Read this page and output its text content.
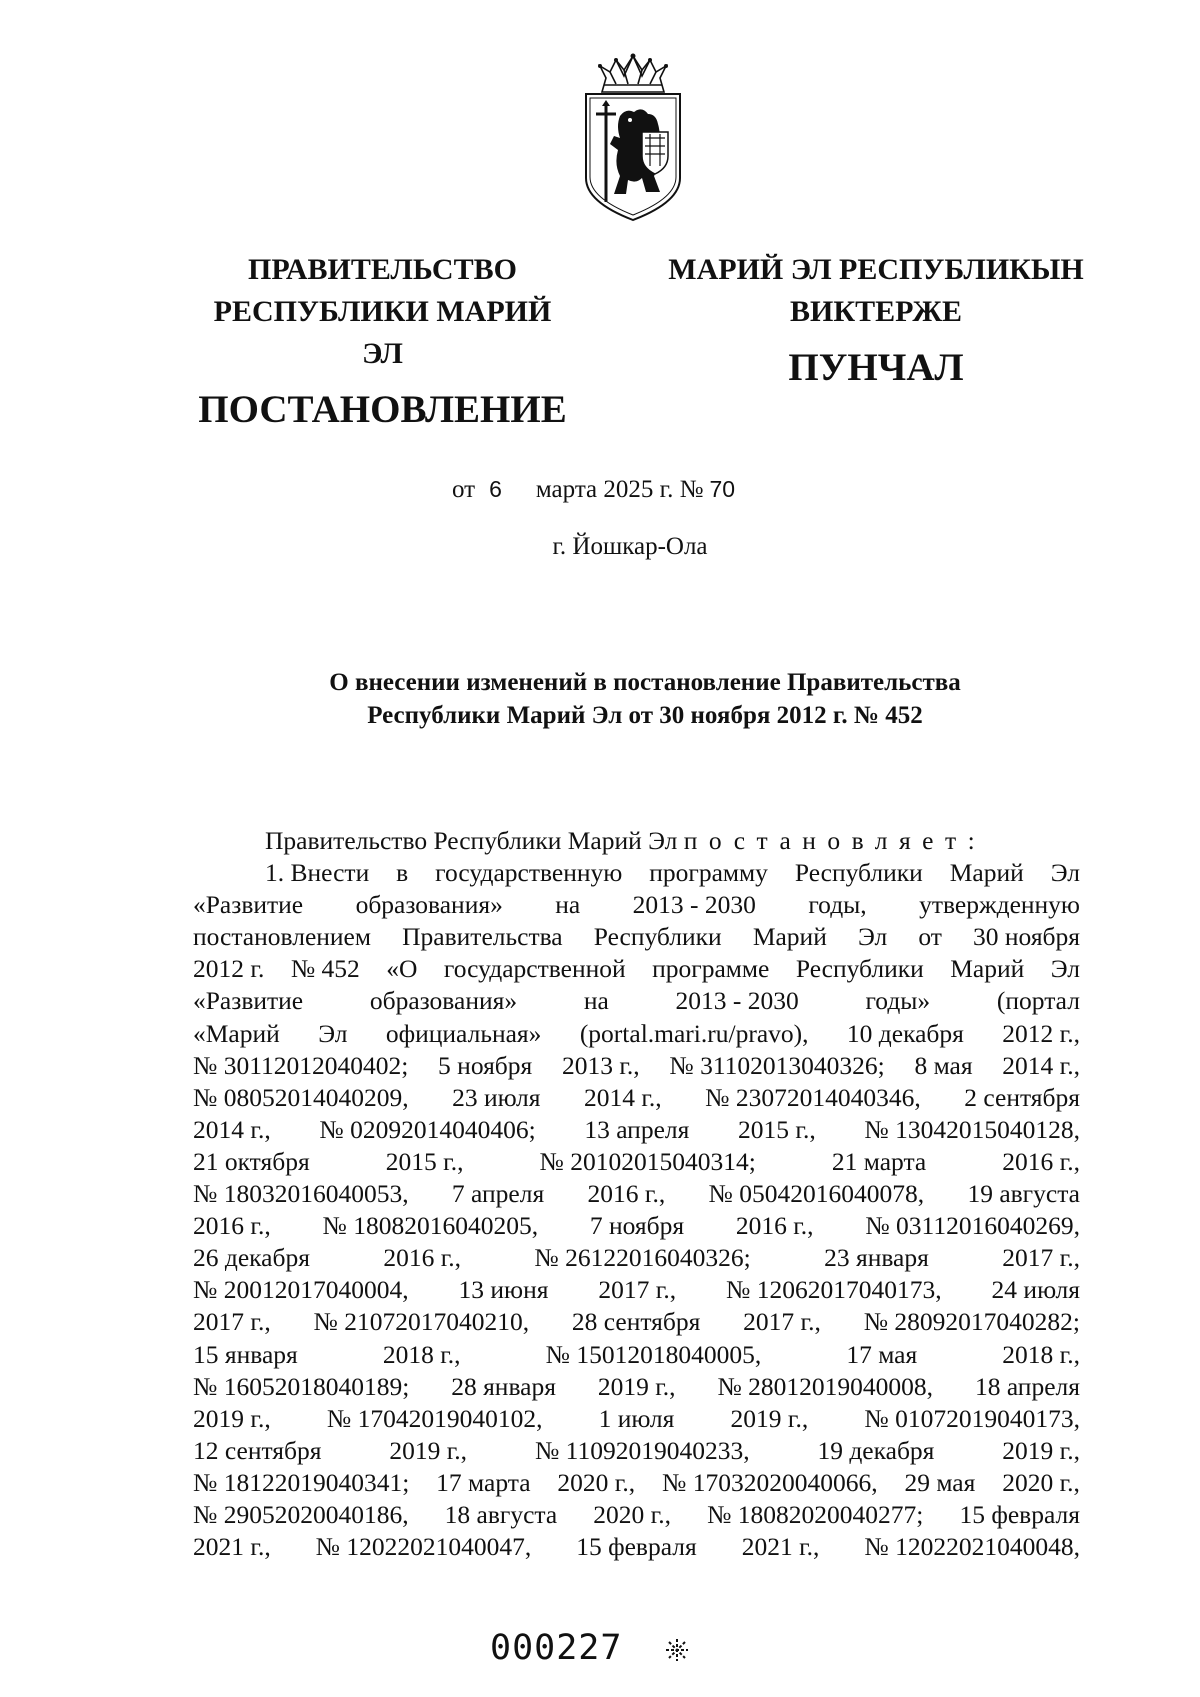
ПРАВИТЕЛЬСТВО
РЕСПУБЛИКИ МАРИЙ ЭЛ
ПОСТАНОВЛЕНИЕ
МАРИЙ ЭЛ РЕСПУБЛИКЫН
ВИКТЕРЖЕ
ПУНЧАЛ
от 6 марта 2025 г. № 70
г. Йошкар-Ола
О внесении изменений в постановление Правительства
Республики Марий Эл от 30 ноября 2012 г. № 452
Правительство Республики Марий Эл постановляет:
1. Внести в государственную программу Республики Марий Эл
«Развитие образования» на 2013 - 2030 годы, утвержденную
постановлением Правительства Республики Марий Эл от 30 ноября
2012 г. № 452 «О государственной программе Республики Марий Эл
«Развитие	образования»	на	2013 - 2030	годы»	(портал
«Марий Эл официальная» (portal.mari.ru/pravo), 10 декабря 2012 г.,
№ 30112012040402; 5 ноября 2013 г., № 31102013040326; 8 мая 2014 г.,
№ 08052014040209, 23 июля 2014 г., № 23072014040346, 2 сентября
2014 г., № 02092014040406; 13 апреля 2015 г., № 13042015040128,
21 октября	2015 г.,	№ 20102015040314;	21 марта	2016 г.,
№ 18032016040053, 7 апреля 2016 г., № 05042016040078, 19 августа
2016 г., № 18082016040205, 7 ноября 2016 г., № 03112016040269,
26 декабря	2016 г.,	№ 26122016040326;	23 января	2017 г.,
№ 20012017040004, 13 июня 2017 г., № 12062017040173, 24 июля
2017 г., № 21072017040210, 28 сентября 2017 г., № 28092017040282;
15 января	2018 г.,	№ 15012018040005,	17 мая	2018 г.,
№ 16052018040189; 28 января 2019 г., № 28012019040008, 18 апреля
2019 г., № 17042019040102, 1 июля 2019 г., № 01072019040173,
12 сентября	2019 г.,	№ 11092019040233,	19 декабря	2019 г.,
№ 18122019040341; 17 марта 2020 г., № 17032020040066, 29 мая 2020 г.,
№ 29052020040186, 18 августа 2020 г., № 18082020040277; 15 февраля
2021 г., № 12022021040047, 15 февраля 2021 г., № 12022021040048,
000227
